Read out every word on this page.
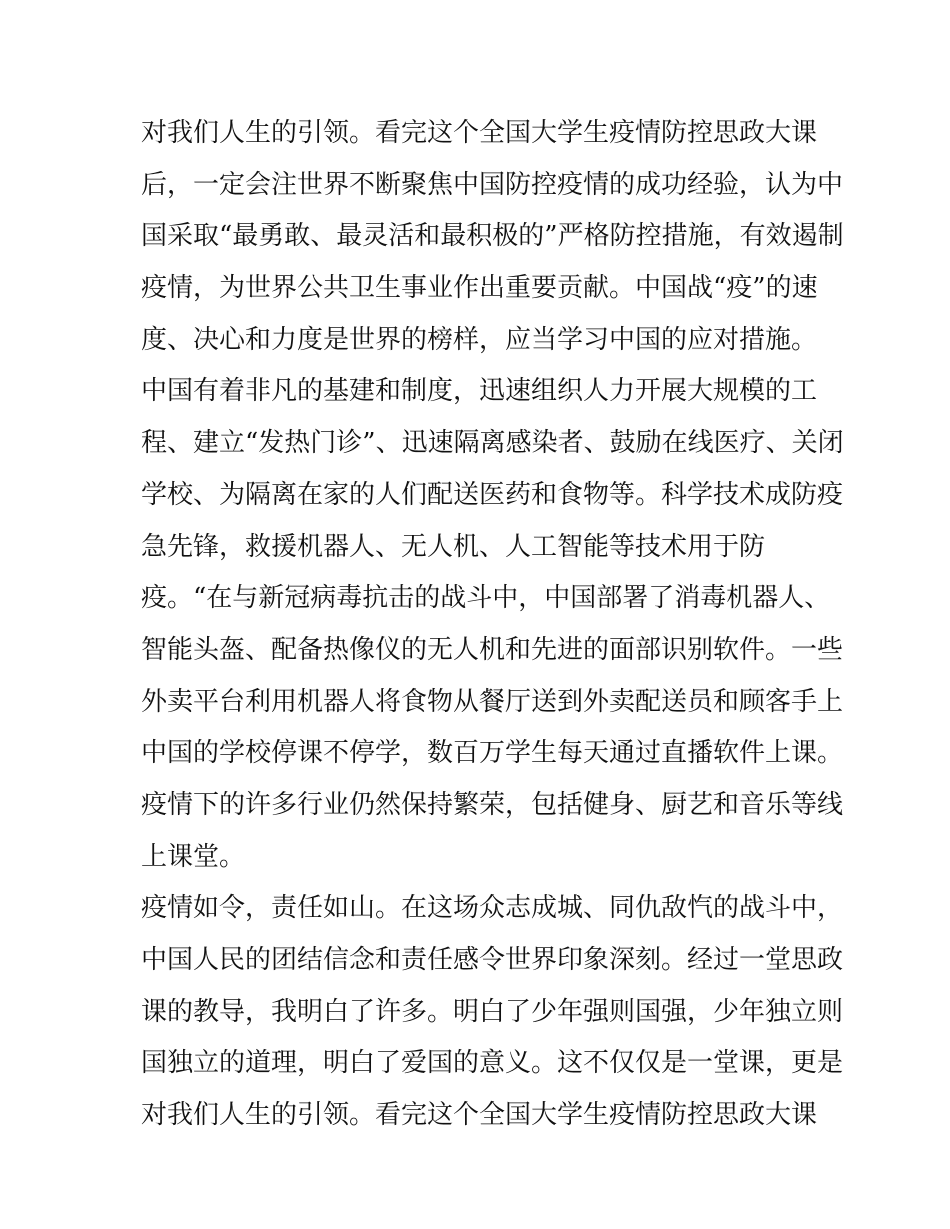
对我们人生的引领。看完这个全国大学生疫情防控思政大课
后，一定会注世界不断聚焦中国防控疫情的成功经验，认为中
国采取“最勇敢、最灵活和最积极的”严格防控措施，有效遏制
疫情，为世界公共卫生事业作出重要贡献。中国战“疫”的速
度、决心和力度是世界的榜样，应当学习中国的应对措施。
中国有着非凡的基建和制度，迅速组织人力开展大规模的工
程、建立“发热门诊”、迅速隔离感染者、鼓励在线医疗、关闭
学校、为隔离在家的人们配送医药和食物等。科学技术成防疫
急先锋，救援机器人、无人机、人工智能等技术用于防
疫。“在与新冠病毒抗击的战斗中，中国部署了消毒机器人、
智能头盔、配备热像仪的无人机和先进的面部识别软件。一些
外卖平台利用机器人将食物从餐厅送到外卖配送员和顾客手上
中国的学校停课不停学，数百万学生每天通过直播软件上课。
疫情下的许多行业仍然保持繁荣，包括健身、厨艺和音乐等线
上课堂。
疫情如令，责任如山。在这场众志成城、同仇敌忾的战斗中，
中国人民的团结信念和责任感令世界印象深刻。经过一堂思政
课的教导，我明白了许多。明白了少年强则国强，少年独立则
国独立的道理，明白了爱国的意义。这不仅仅是一堂课，更是
对我们人生的引领。看完这个全国大学生疫情防控思政大课
